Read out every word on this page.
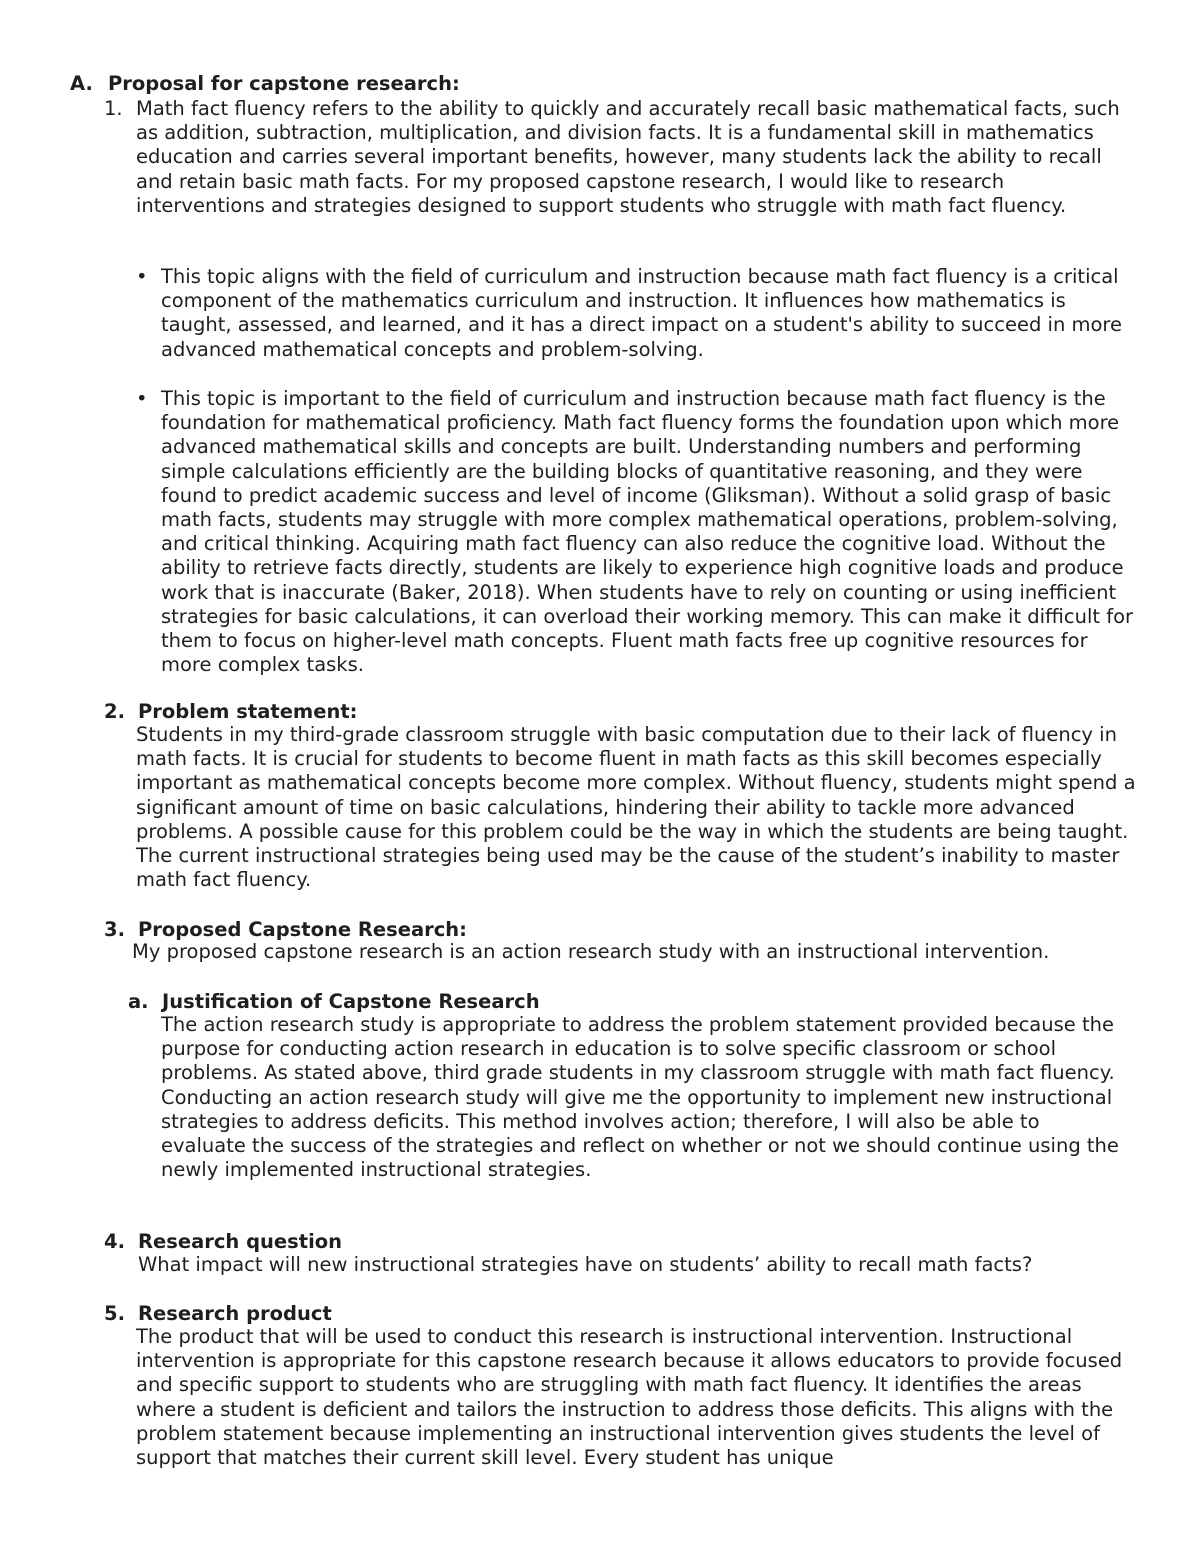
A. Proposal for capstone research:
1. Math fact fluency refers to the ability to quickly and accurately recall basic mathematical facts, such as addition, subtraction, multiplication, and division facts. It is a fundamental skill in mathematics education and carries several important benefits, however, many students lack the ability to recall and retain basic math facts. For my proposed capstone research, I would like to research interventions and strategies designed to support students who struggle with math fact fluency.

• This topic aligns with the field of curriculum and instruction because math fact fluency is a critical component of the mathematics curriculum and instruction. It influences how mathematics is taught, assessed, and learned, and it has a direct impact on a student's ability to succeed in more advanced mathematical concepts and problem-solving.

• This topic is important to the field of curriculum and instruction because math fact fluency is the foundation for mathematical proficiency. Math fact fluency forms the foundation upon which more advanced mathematical skills and concepts are built. Understanding numbers and performing simple calculations efficiently are the building blocks of quantitative reasoning, and they were found to predict academic success and level of income (Gliksman). Without a solid grasp of basic math facts, students may struggle with more complex mathematical operations, problem-solving, and critical thinking. Acquiring math fact fluency can also reduce the cognitive load. Without the ability to retrieve facts directly, students are likely to experience high cognitive loads and produce work that is inaccurate (Baker, 2018). When students have to rely on counting or using inefficient strategies for basic calculations, it can overload their working memory. This can make it difficult for them to focus on higher-level math concepts. Fluent math facts free up cognitive resources for more complex tasks.

2. Problem statement:

Students in my third-grade classroom struggle with basic computation due to their lack of fluency in math facts. It is crucial for students to become fluent in math facts as this skill becomes especially important as mathematical concepts become more complex. Without fluency, students might spend a significant amount of time on basic calculations, hindering their ability to tackle more advanced problems. A possible cause for this problem could be the way in which the students are being taught. The current instructional strategies being used may be the cause of the student’s inability to master math fact fluency.

3. Proposed Capstone Research:

My proposed capstone research is an action research study with an instructional intervention.

a. Justification of Capstone Research

The action research study is appropriate to address the problem statement provided because the purpose for conducting action research in education is to solve specific classroom or school problems. As stated above, third grade students in my classroom struggle with math fact fluency. Conducting an action research study will give me the opportunity to implement new instructional strategies to address deficits. This method involves action; therefore, I will also be able to evaluate the success of the strategies and reflect on whether or not we should continue using the newly implemented instructional strategies.

4. Research question

What impact will new instructional strategies have on students’ ability to recall math facts?

5. Research product

The product that will be used to conduct this research is instructional intervention. Instructional intervention is appropriate for this capstone research because it allows educators to provide focused and specific support to students who are struggling with math fact fluency. It identifies the areas where a student is deficient and tailors the instruction to address those deficits. This aligns with the problem statement because implementing an instructional intervention gives students the level of support that matches their current skill level. Every student has unique
